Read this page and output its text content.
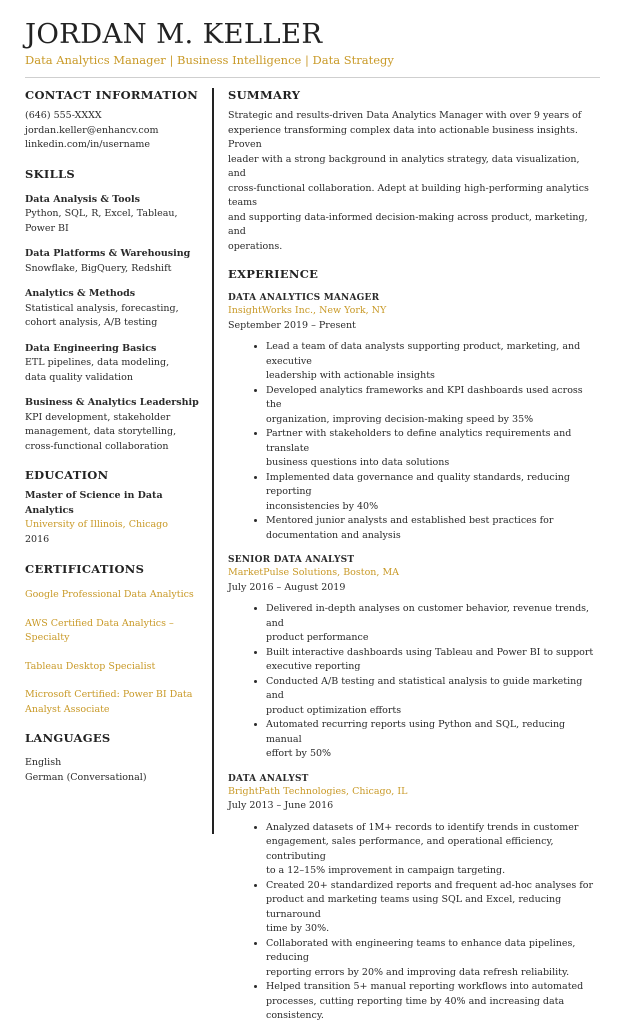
JORDAN M. KELLER
Data Analytics Manager | Business Intelligence | Data Strategy
CONTACT INFORMATION
(646) 555-XXXX
jordan.keller@enhancv.com
linkedin.com/in/username
SKILLS
Data Analysis & Tools
Python, SQL, R, Excel, Tableau,
Power BI
Data Platforms & Warehousing
Snowflake, BigQuery, Redshift
Analytics & Methods
Statistical analysis, forecasting,
cohort analysis, A/B testing
Data Engineering Basics
ETL pipelines, data modeling,
data quality validation
Business & Analytics Leadership
KPI development, stakeholder
management, data storytelling,
cross-functional collaboration
EDUCATION
Master of Science in Data Analytics
University of Illinois, Chicago
2016
CERTIFICATIONS
Google Professional Data Analytics
AWS Certified Data Analytics –
Specialty
Tableau Desktop Specialist
Microsoft Certified: Power BI Data
Analyst Associate
LANGUAGES
English
German (Conversational)
SUMMARY
Strategic and results-driven Data Analytics Manager with over 9 years of
experience transforming complex data into actionable business insights. Proven
leader with a strong background in analytics strategy, data visualization, and
cross-functional collaboration. Adept at building high-performing analytics teams
and supporting data-informed decision-making across product, marketing, and
operations.
EXPERIENCE
DATA ANALYTICS MANAGER
InsightWorks Inc., New York, NY
September 2019 – Present
• Lead a team of data analysts supporting product, marketing, and executive
leadership with actionable insights
• Developed analytics frameworks and KPI dashboards used across the
organization, improving decision-making speed by 35%
• Partner with stakeholders to define analytics requirements and translate
business questions into data solutions
• Implemented data governance and quality standards, reducing reporting
inconsistencies by 40%
• Mentored junior analysts and established best practices for
documentation and analysis
SENIOR DATA ANALYST
MarketPulse Solutions, Boston, MA
July 2016 – August 2019
• Delivered in-depth analyses on customer behavior, revenue trends, and
product performance
• Built interactive dashboards using Tableau and Power BI to support
executive reporting
• Conducted A/B testing and statistical analysis to guide marketing and
product optimization efforts
• Automated recurring reports using Python and SQL, reducing manual
effort by 50%
DATA ANALYST
BrightPath Technologies, Chicago, IL
July 2013 – June 2016
• Analyzed datasets of 1M+ records to identify trends in customer
engagement, sales performance, and operational efficiency, contributing
to a 12–15% improvement in campaign targeting.
• Created 20+ standardized reports and frequent ad-hoc analyses for
product and marketing teams using SQL and Excel, reducing turnaround
time by 30%.
• Collaborated with engineering teams to enhance data pipelines, reducing
reporting errors by 20% and improving data refresh reliability.
• Helped transition 5+ manual reporting workflows into automated
processes, cutting reporting time by 40% and increasing data consistency.
